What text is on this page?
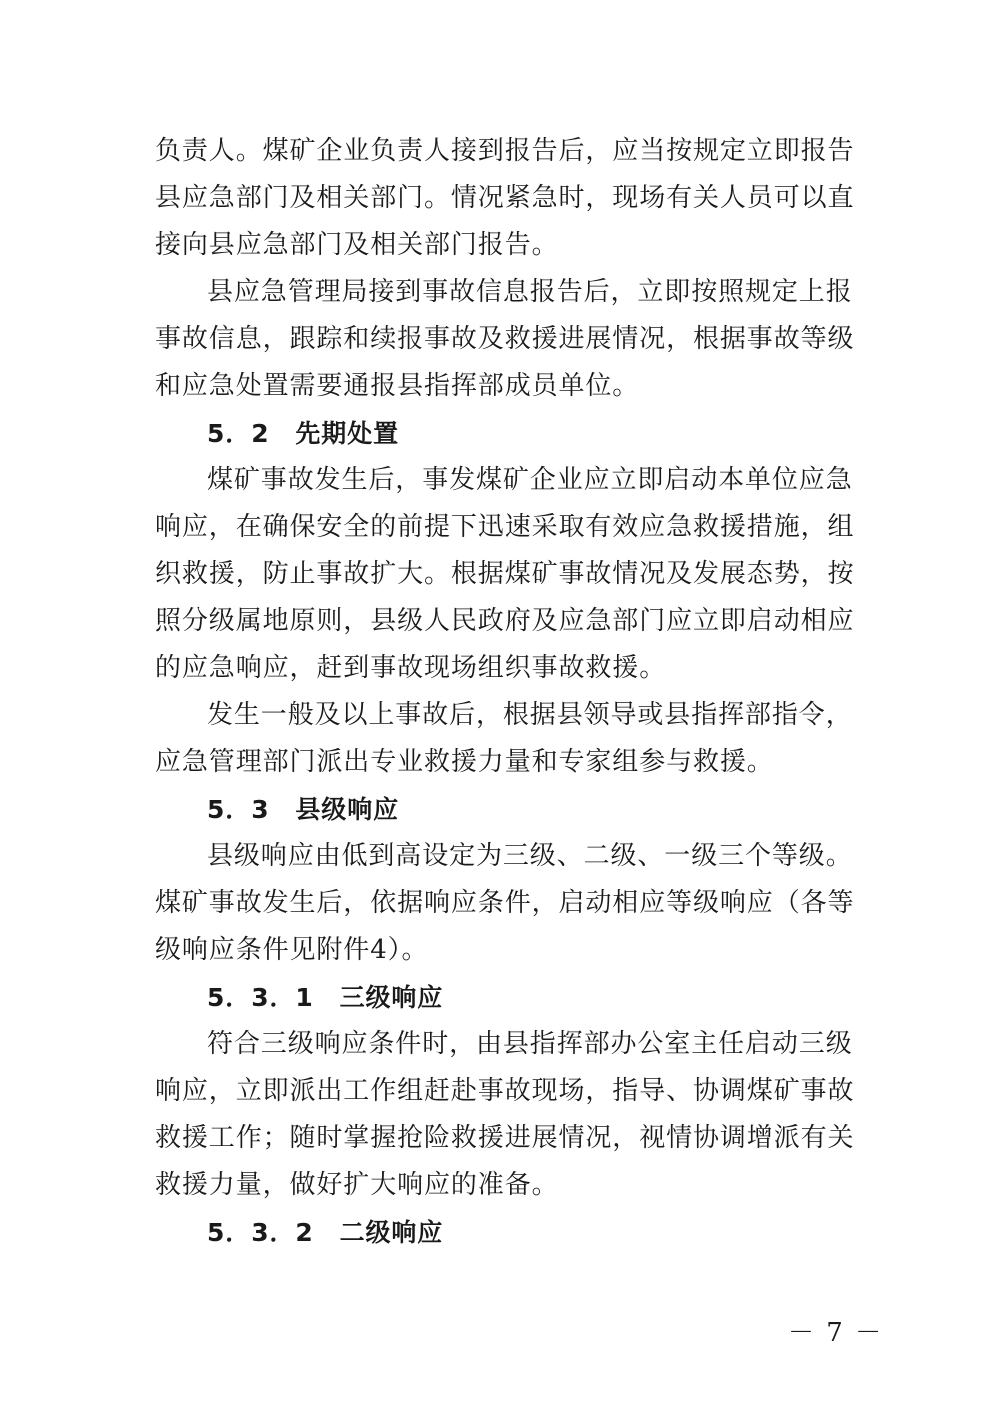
负责人。煤矿企业负责人接到报告后，应当按规定立即报告
县应急部门及相关部门。情况紧急时，现场有关人员可以直
接向县应急部门及相关部门报告。
县应急管理局接到事故信息报告后，立即按照规定上报
事故信息，跟踪和续报事故及救援进展情况，根据事故等级
和应急处置需要通报县指挥部成员单位。
5．2　先期处置
煤矿事故发生后，事发煤矿企业应立即启动本单位应急
响应，在确保安全的前提下迅速采取有效应急救援措施，组
织救援，防止事故扩大。根据煤矿事故情况及发展态势，按
照分级属地原则，县级人民政府及应急部门应立即启动相应
的应急响应，赶到事故现场组织事故救援。
发生一般及以上事故后，根据县领导或县指挥部指令，
应急管理部门派出专业救援力量和专家组参与救援。
5．3　县级响应
县级响应由低到高设定为三级、二级、一级三个等级。
煤矿事故发生后，依据响应条件，启动相应等级响应（各等
级响应条件见附件4）。
5．3．1　三级响应
符合三级响应条件时，由县指挥部办公室主任启动三级
响应，立即派出工作组赶赴事故现场，指导、协调煤矿事故
救援工作；随时掌握抢险救援进展情况，视情协调增派有关
救援力量，做好扩大响应的准备。
5．3．2　二级响应
－ 7 －
